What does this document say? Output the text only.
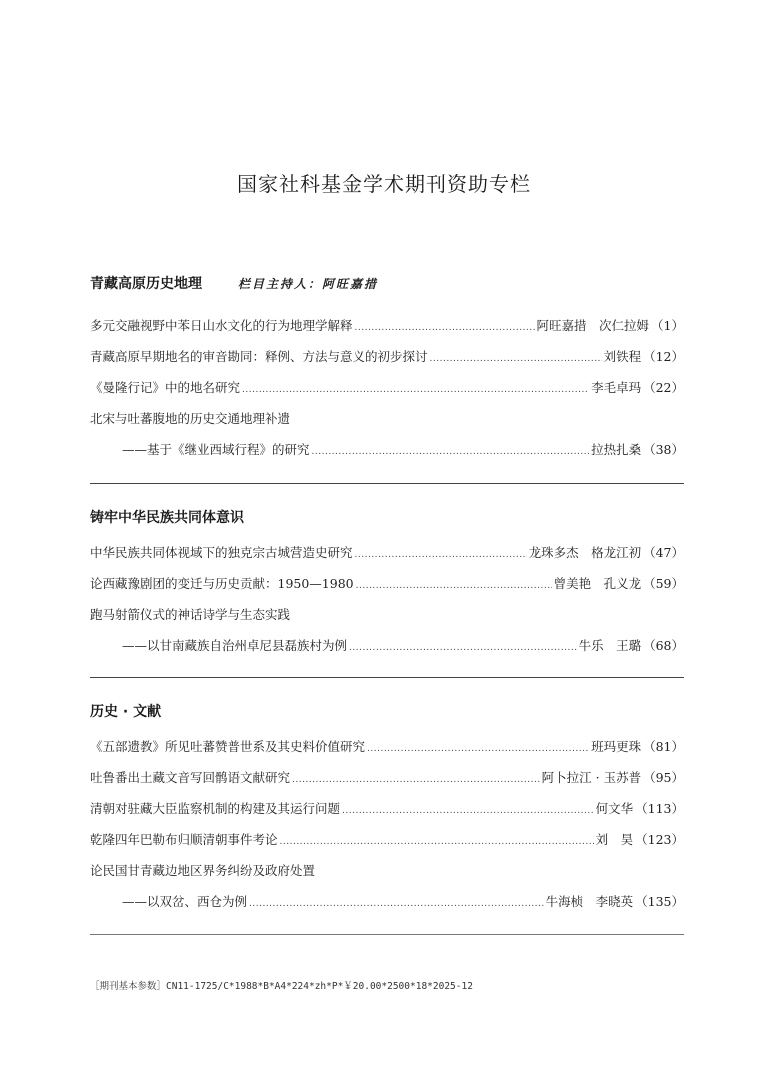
国家社科基金学术期刊资助专栏
青藏高原历史地理	栏目主持人：阿旺嘉措
多元交融视野中苯日山水文化的行为地理学解释 .....	阿旺嘉措　次仁拉姆 （1）
青藏高原早期地名的审音勘同：释例、方法与意义的初步探讨 .....	刘铁程 （12）
《曼隆行记》中的地名研究 .....	李毛卓玛 （22）
北宋与吐蕃腹地的历史交通地理补遗
——基于《继业西域行程》的研究 .....	拉热扎桑 （38）
铸牢中华民族共同体意识
中华民族共同体视域下的独克宗古城营造史研究 .....	龙珠多杰　格龙江初 （47）
论西藏豫剧团的变迁与历史贡献：1950—1980 .....	曾美艳　孔义龙 （59）
跑马射箭仪式的神话诗学与生态实践
——以甘南藏族自治州卓尼县磊族村为例 .....	牛乐　王璐 （68）
历史 · 文献
《五部遗教》所见吐蕃赞普世系及其史料价值研究 .....	班玛更珠 （81）
吐鲁番出土藏文音写回鹘语文献研究 .....	阿卜拉江 · 玉苏普 （95）
清朝对驻藏大臣监察机制的构建及其运行问题 .....	何文华 （113）
乾隆四年巴勒布归顺清朝事件考论 .....	刘　昊 （123）
论民国甘青藏边地区界务纠纷及政府处置
——以双岔、西仓为例 .....	牛海桢　李晓英 （135）
［期刊基本参数］CN11-1725/C*1988*B*A4*224*zh*P*￥20.00*2500*18*2025-12
